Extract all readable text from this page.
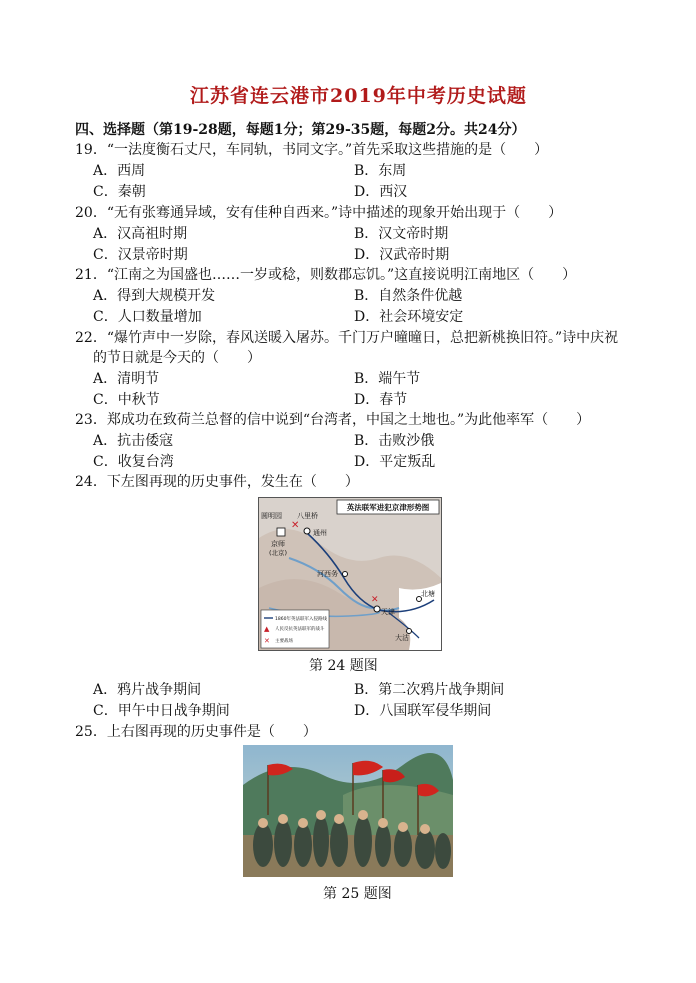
江苏省连云港市2019年中考历史试题
四、选择题（第19-28题，每题1分；第29-35题，每题2分。共24分）
19．“一法度衡石丈尺，车同轨，书同文字。”首先采取这些措施的是（　　）
A．西周	B．东周
C．秦朝	D．西汉
20．“无有张骞通异域，安有佳种自西来。”诗中描述的现象开始出现于（　　）
A．汉高祖时期	B．汉文帝时期
C．汉景帝时期	D．汉武帝时期
21．“江南之为国盛也……一岁或稔，则数郡忘饥。”这直接说明江南地区（　　）
A．得到大规模开发	B．自然条件优越
C．人口数量增加	D．社会环境安定
22．“爆竹声中一岁除，春风送暖入屠苏。千门万户曈曈日，总把新桃换旧符。”诗中庆祝
的节日就是今天的（　　）
A．清明节	B．端午节
C．中秋节	D．春节
23．郑成功在致荷兰总督的信中说到“台湾者，中国之土地也。”为此他率军（　　）
A．抗击倭寇	B．击败沙俄
C．收复台湾	D．平定叛乱
24．下左图再现的历史事件，发生在（　　）
英法联军进犯京津形势图
✕
✕
圆明园 八里桥
京师
(北京)
通州
河西务
天津
北塘
大沽
1860年英法联军入侵路线
▲ 人民反抗英法联军的战斗
✕ 主要战场
第 24 题图
A．鸦片战争期间	B．第二次鸦片战争期间
C．甲午中日战争期间	D．八国联军侵华期间
25．上右图再现的历史事件是（　　）
第 25 题图
